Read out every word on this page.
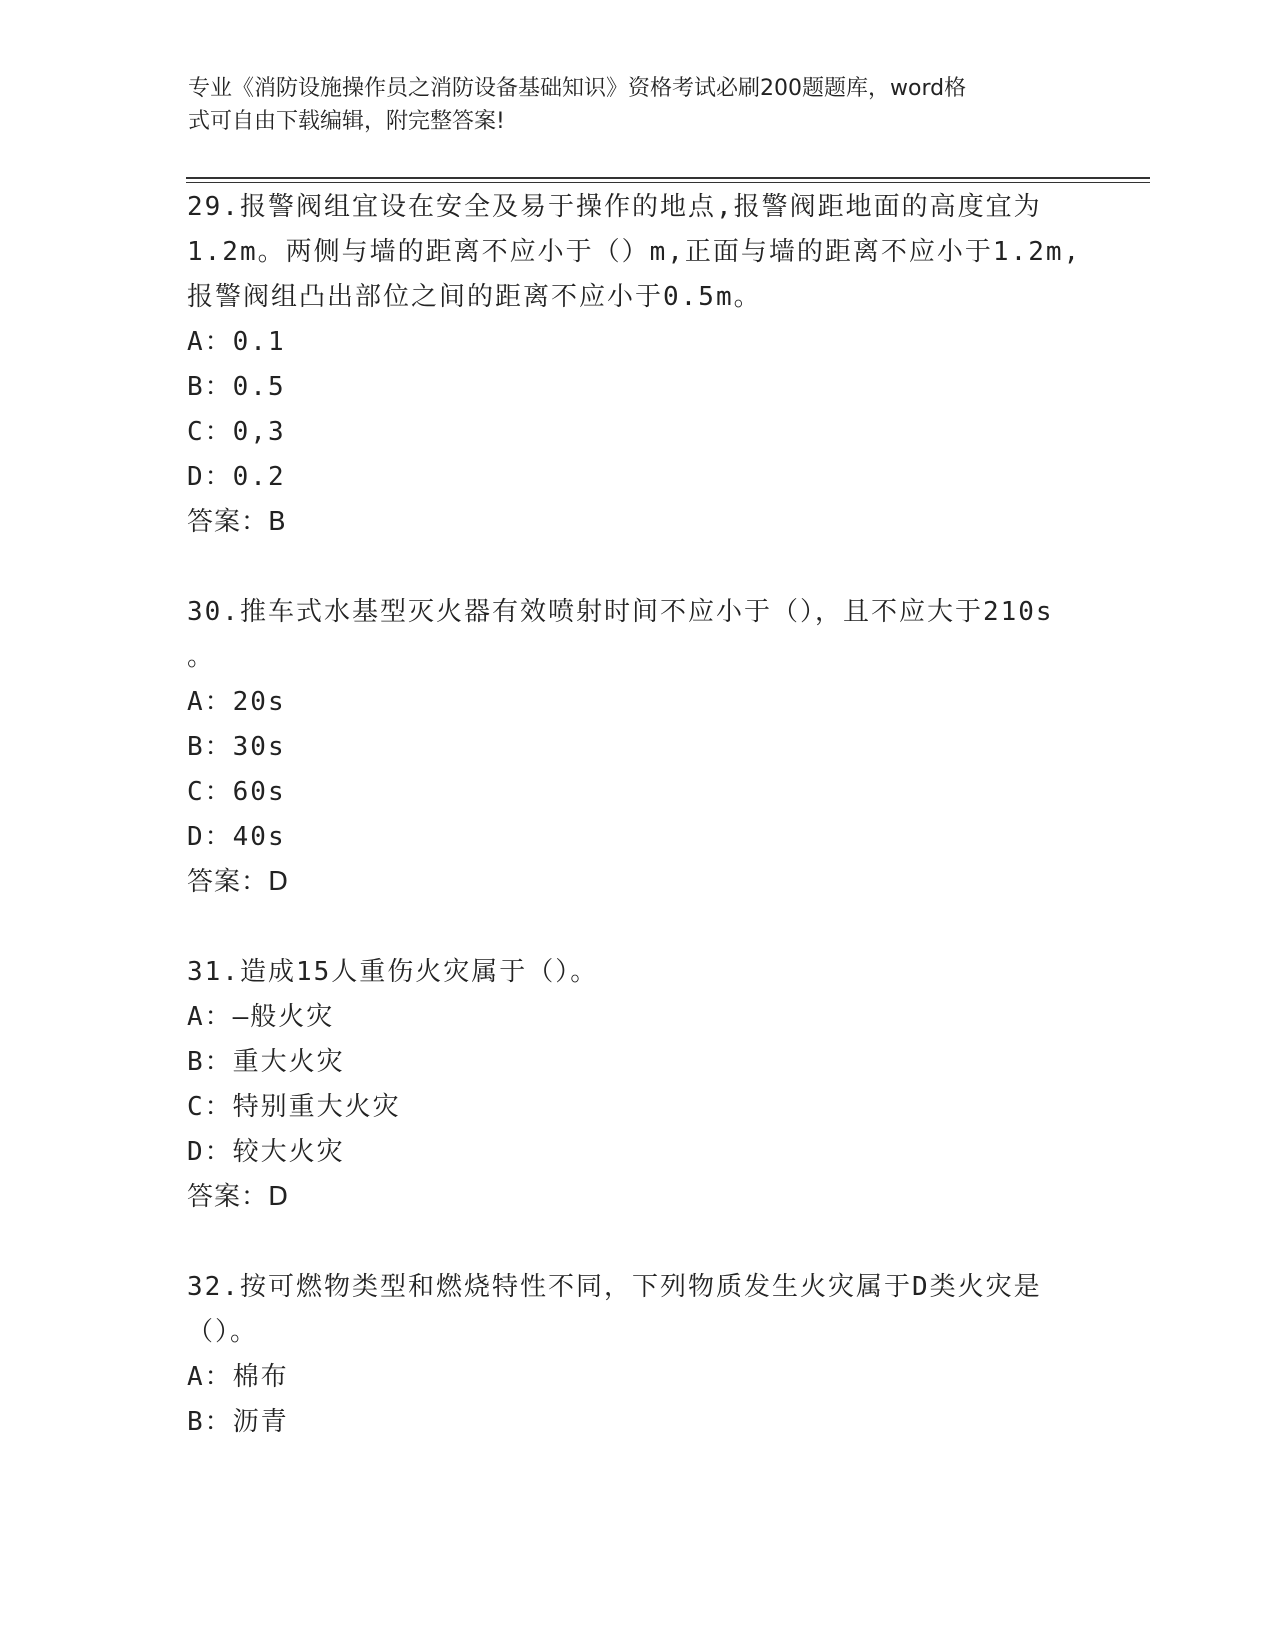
专业《消防设施操作员之消防设备基础知识》资格考试必刷200题题库，word格
式可自由下载编辑，附完整答案!
29.报警阀组宜设在安全及易于操作的地点,报警阀距地面的高度宜为
1.2m。两侧与墙的距离不应小于（）m,正面与墙的距离不应小于1.2m,
报警阀组凸出部位之间的距离不应小于0.5m。
A：0.1
B：0.5
C：0,3
D：0.2
答案：B
30.推车式水基型灭火器有效喷射时间不应小于（），且不应大于210s
。
A：20s
B：30s
C：60s
D：40s
答案：D
31.造成15人重伤火灾属于（）。
A：—般火灾
B：重大火灾
C：特别重大火灾
D：较大火灾
答案：D
32.按可燃物类型和燃烧特性不同，下列物质发生火灾属于D类火灾是
（）。
A：棉布
B：沥青
